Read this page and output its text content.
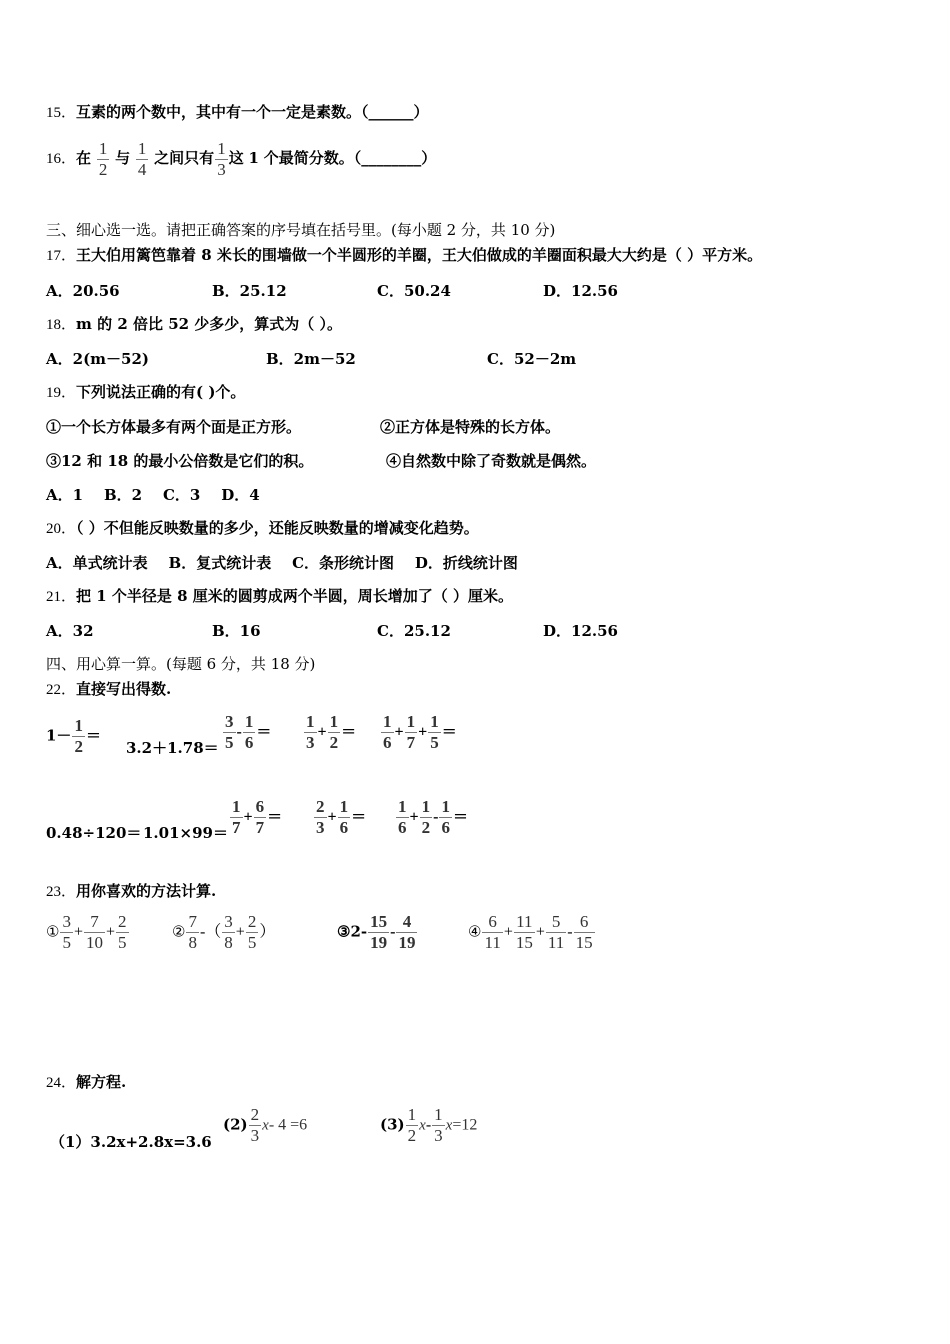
15．互素的两个数中，其中有一个一定是素数。（______）
16．在 $\frac{1}{2}$ 与 $\frac{1}{4}$ 之间只有 $\frac{1}{3}$ 这 1 个最简分数。（________）
三、细心选一选。请把正确答案的序号填在括号里。(每小题 2 分，共 10 分)
17．王大伯用篱笆靠着 8 米长的围墙做一个半圆形的羊圈，王大伯做成的羊圈面积最大大约是（ ）平方米。
A．20.56	B．25.12	C．50.24	D．12.56
18．m 的 2 倍比 52 少多少，算式为（ ）。
A．2(m－52)	B．2m－52	C．52－2m
19．下列说法正确的有( )个。
①一个长方体最多有两个面是正方形。	②正方体是特殊的长方体。
③12 和 18 的最小公倍数是它们的积。	④自然数中除了奇数就是偶然。
A．1    B．2    C．3    D．4
20．（ ）不但能反映数量的多少，还能反映数量的增减变化趋势。
A．单式统计表    B．复式统计表    C．条形统计图    D．折线统计图
21．把 1 个半径是 8 厘米的圆剪成两个半圆，周长增加了（ ）厘米。
A．32	B．16	C．25.12	D．12.56
四、用心算一算。(每题 6 分，共 18 分)
22．直接写出得数.
$1- \frac{1}{2}$ ＝
$3.2+1.78= \frac{3}{5} - \frac{1}{6} = \frac{1}{3} + \frac{1}{2} = \frac{1}{6} + \frac{1}{7} + \frac{1}{5}$ ＝
$0.48\div 120= 1.01\times 99= \frac{1}{7} + \frac{6}{7} = \frac{2}{3} + \frac{1}{6} = \frac{1}{6} + \frac{1}{2} - \frac{1}{6}$ ＝
23．用你喜欢的方法计算.
① $\frac{3}{5} + \frac{7}{10} + \frac{2}{5}$	② $\frac{7}{8}$ -（ $\frac{3}{8} + \frac{2}{5}$ ）	③2- $\frac{15}{19} - \frac{4}{19}$	④ $\frac{6}{11} + \frac{11}{15} + \frac{5}{11} - \frac{6}{15}$
24．解方程.
（1）3.2x+2.8x=3.6
$(2) \frac{2}{3} x-$ 4 =6	$(3) \frac{1}{2} x- \frac{1}{3} x=12$
